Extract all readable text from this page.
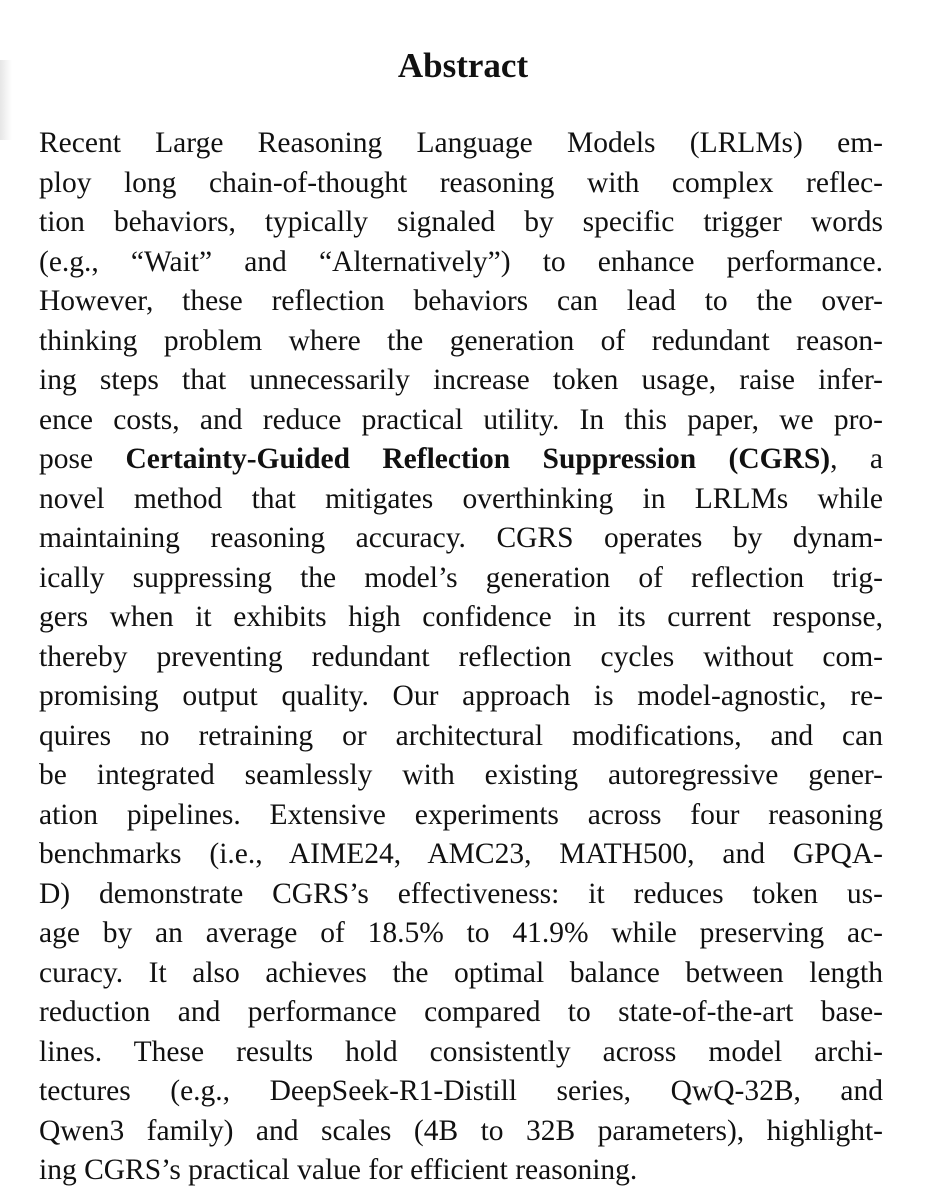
Abstract
Recent Large Reasoning Language Models (LRLMs) em-
ploy long chain-of-thought reasoning with complex reflec-
tion behaviors, typically signaled by specific trigger words
(e.g., “Wait” and “Alternatively”) to enhance performance.
However, these reflection behaviors can lead to the over-
thinking problem where the generation of redundant reason-
ing steps that unnecessarily increase token usage, raise infer-
ence costs, and reduce practical utility. In this paper, we pro-
pose Certainty-Guided Reflection Suppression (CGRS), a
novel method that mitigates overthinking in LRLMs while
maintaining reasoning accuracy. CGRS operates by dynam-
ically suppressing the model’s generation of reflection trig-
gers when it exhibits high confidence in its current response,
thereby preventing redundant reflection cycles without com-
promising output quality. Our approach is model-agnostic, re-
quires no retraining or architectural modifications, and can
be integrated seamlessly with existing autoregressive gener-
ation pipelines. Extensive experiments across four reasoning
benchmarks (i.e., AIME24, AMC23, MATH500, and GPQA-
D) demonstrate CGRS’s effectiveness: it reduces token us-
age by an average of 18.5% to 41.9% while preserving ac-
curacy. It also achieves the optimal balance between length
reduction and performance compared to state-of-the-art base-
lines. These results hold consistently across model archi-
tectures (e.g., DeepSeek-R1-Distill series, QwQ-32B, and
Qwen3 family) and scales (4B to 32B parameters), highlight-
ing CGRS’s practical value for efficient reasoning.
